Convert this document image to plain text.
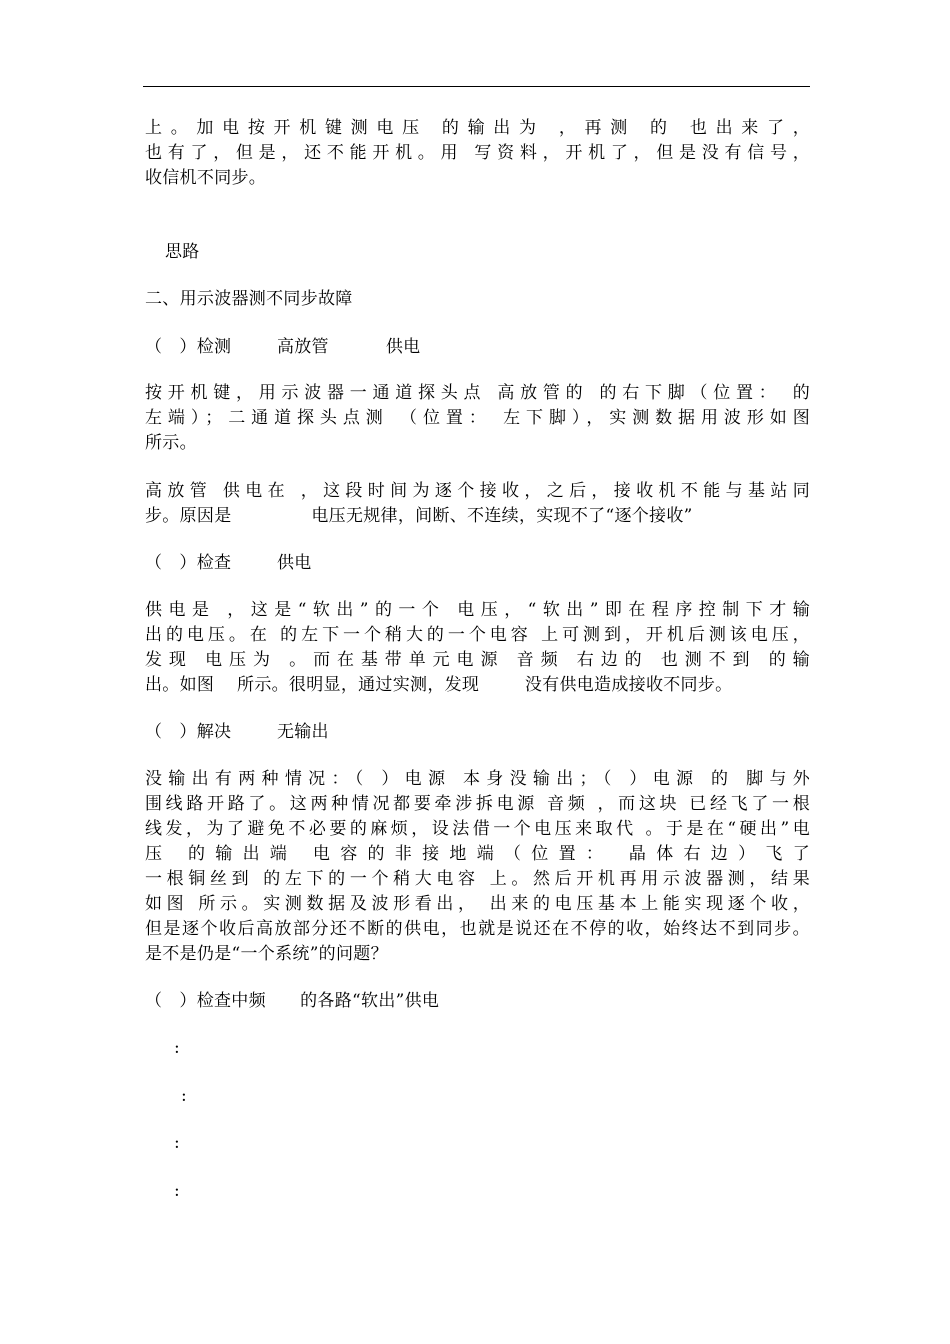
上。加电按开机键测电压 的输出为 ，再测 的 也出来了，
也有了，但是，还不能开机。用 写资料，开机了，但是没有信号，
收信机不同步。
思路
二、用示波器测不同步故障
（   ）检测        高放管          供电
按开机键，用示波器一通道探头点 高放管的 的右下脚（位置： 的
左端）；二通道探头点测 （位置： 左下脚），实测数据用波形如图
所示。
高放管 供电在 ，这段时间为逐个接收，之后，接收机不能与基站同
步。原因是              电压无规律，间断、不连续，实现不了“逐个接收”
（   ）检查        供电
供电是 ，这是“软出”的一个 电压，“软出”即在程序控制下才输
出的电压。在 的左下一个稍大的一个电容 上可测到，开机后测该电压，
发现 电压为 。而在基带单元电源 音频 右边的 也测不到 的输
出。如图    所示。很明显，通过实测，发现        没有供电造成接收不同步。
（   ）解决        无输出
没输出有两种情况：（ ）电源 本身没输出；（ ）电源 的 脚与外
围线路开路了。这两种情况都要牵涉拆电源 音频 ，而这块 已经飞了一根
线发，为了避免不必要的麻烦，设法借一个电压来取代 。于是在“硬出”电
压 的输出端 电容的非接地端（位置： 晶体右边）飞了
一根铜丝到 的左下的一个稍大电容 上。然后开机再用示波器测，结果
如图 所示。实测数据及波形看出， 出来的电压基本上能实现逐个收，
但是逐个收后高放部分还不断的供电，也就是说还在不停的收，始终达不到同步。
是不是仍是“一个系统”的问题？
（   ）检查中频      的各路“软出”供电
:
:
:
:
